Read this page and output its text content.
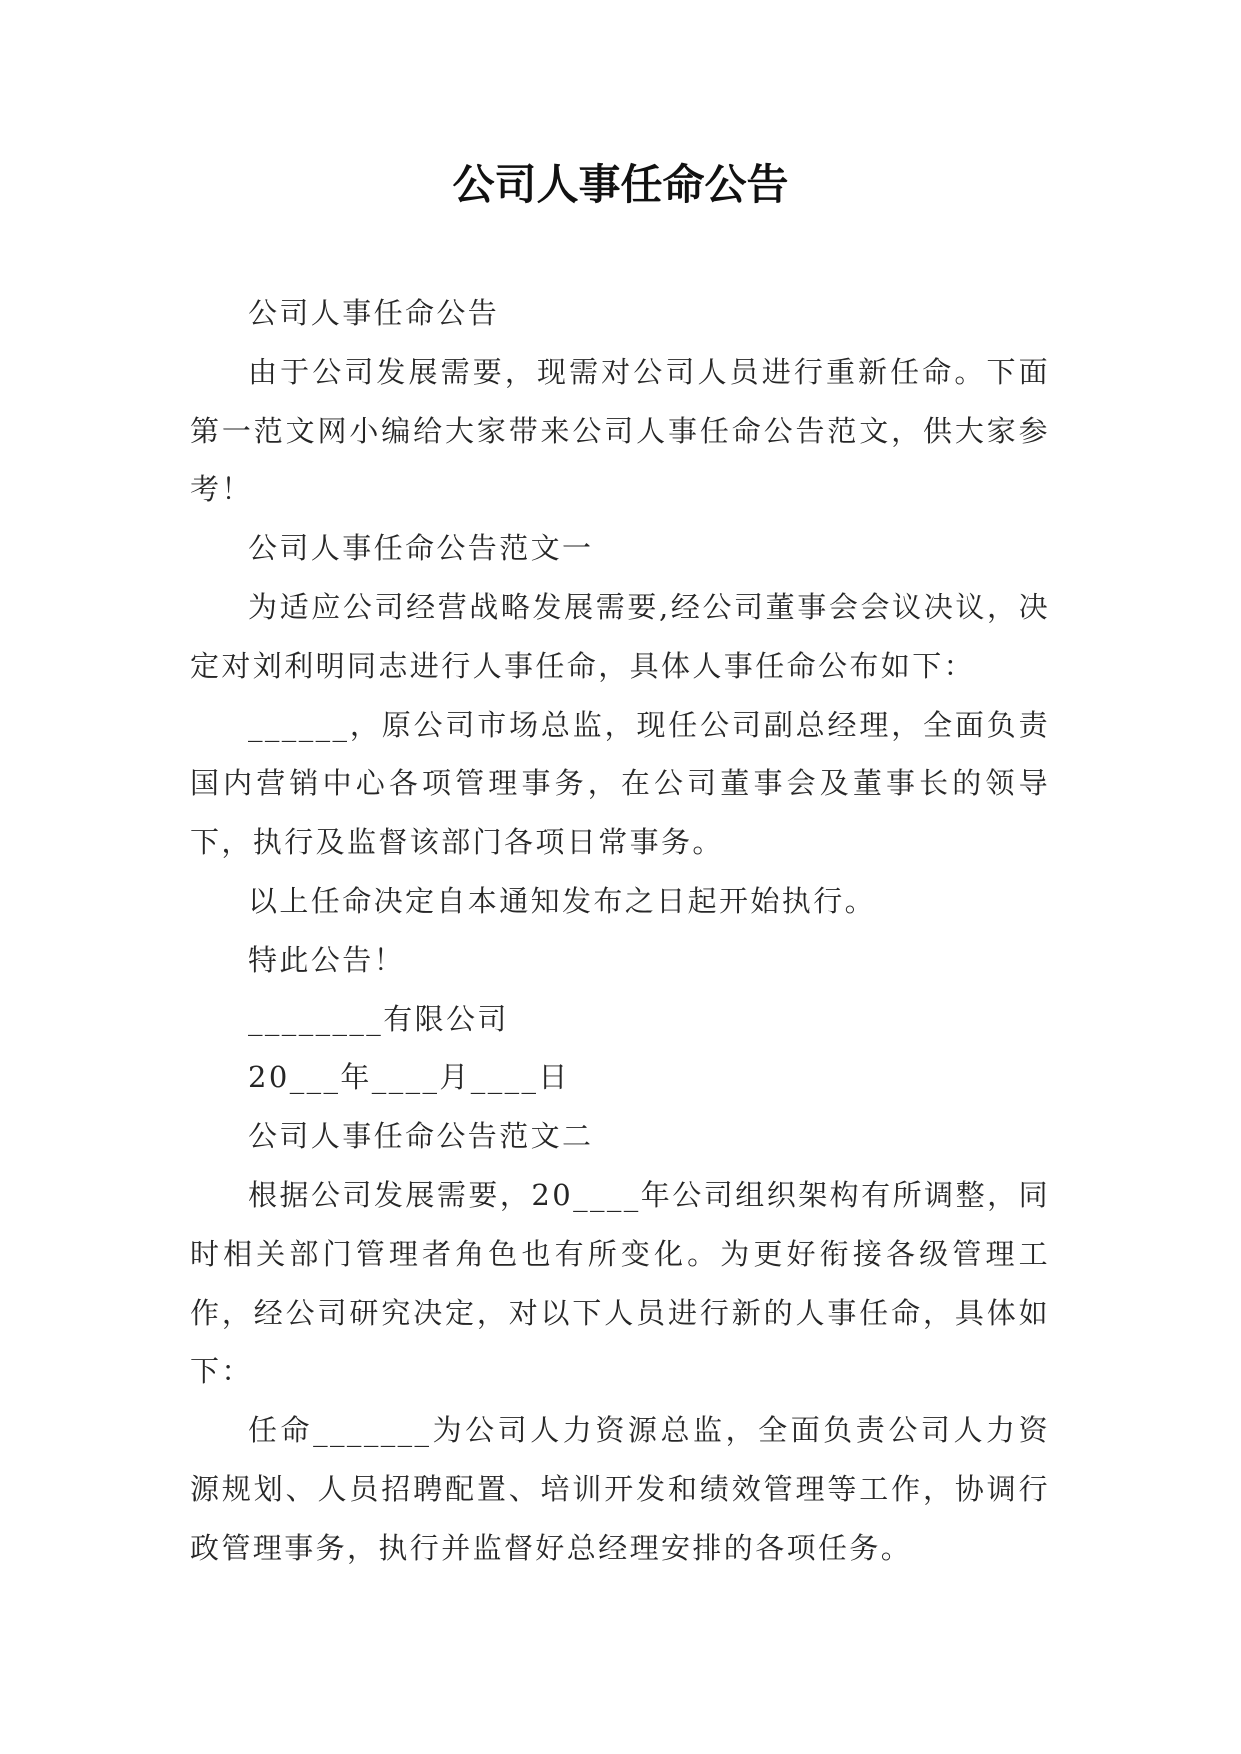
公司人事任命公告

公司人事任命公告

由于公司发展需要，现需对公司人员进行重新任命。下面第一范文网小编给大家带来公司人事任命公告范文，供大家参考！

公司人事任命公告范文一

为适应公司经营战略发展需要,经公司董事会会议决议，决定对刘利明同志进行人事任命，具体人事任命公布如下：

______，原公司市场总监，现任公司副总经理，全面负责国内营销中心各项管理事务，在公司董事会及董事长的领导下，执行及监督该部门各项日常事务。

以上任命决定自本通知发布之日起开始执行。

特此公告！

________有限公司

20___年____月____日

公司人事任命公告范文二

根据公司发展需要，20____年公司组织架构有所调整，同时相关部门管理者角色也有所变化。为更好衔接各级管理工作，经公司研究决定，对以下人员进行新的人事任命，具体如下：

任命_______为公司人力资源总监，全面负责公司人力资源规划、人员招聘配置、培训开发和绩效管理等工作，协调行政管理事务，执行并监督好总经理安排的各项任务。
